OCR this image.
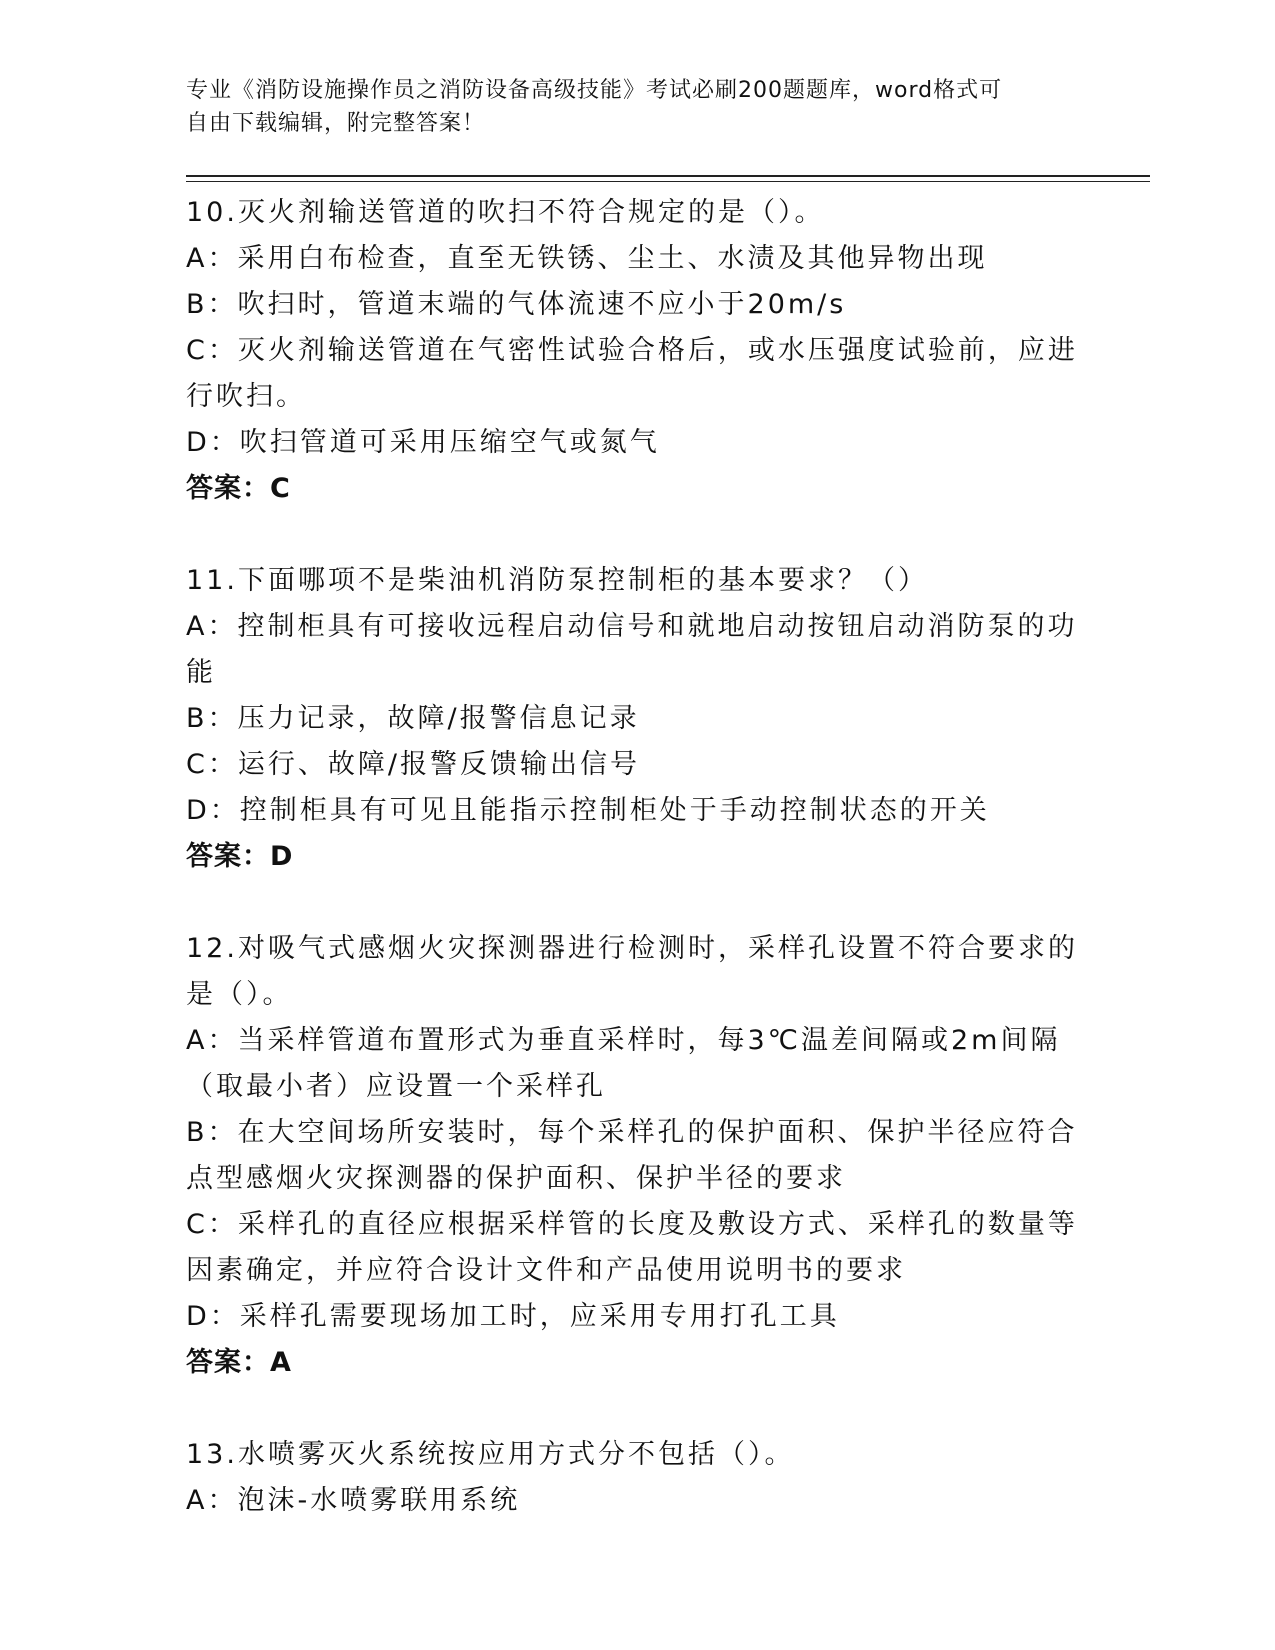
专业《消防设施操作员之消防设备高级技能》考试必刷200题题库，word格式可
自由下载编辑，附完整答案！

10.灭火剂输送管道的吹扫不符合规定的是（）。

A：采用白布检查，直至无铁锈、尘土、水渍及其他异物出现

B：吹扫时，管道末端的气体流速不应小于20m/s

C：灭火剂输送管道在气密性试验合格后，或水压强度试验前，应进行吹扫。

D：吹扫管道可采用压缩空气或氮气

答案：C

11.下面哪项不是柴油机消防泵控制柜的基本要求？（）

A：控制柜具有可接收远程启动信号和就地启动按钮启动消防泵的功能

B：压力记录，故障/报警信息记录

C：运行、故障/报警反馈输出信号

D：控制柜具有可见且能指示控制柜处于手动控制状态的开关

答案：D

12.对吸气式感烟火灾探测器进行检测时，采样孔设置不符合要求的是（）。

A：当采样管道布置形式为垂直采样时，每3℃温差间隔或2m间隔（取最小者）应设置一个采样孔

B：在大空间场所安装时，每个采样孔的保护面积、保护半径应符合点型感烟火灾探测器的保护面积、保护半径的要求

C：采样孔的直径应根据采样管的长度及敷设方式、采样孔的数量等因素确定，并应符合设计文件和产品使用说明书的要求

D：采样孔需要现场加工时，应采用专用打孔工具

答案：A

13.水喷雾灭火系统按应用方式分不包括（）。

A：泡沫-水喷雾联用系统
